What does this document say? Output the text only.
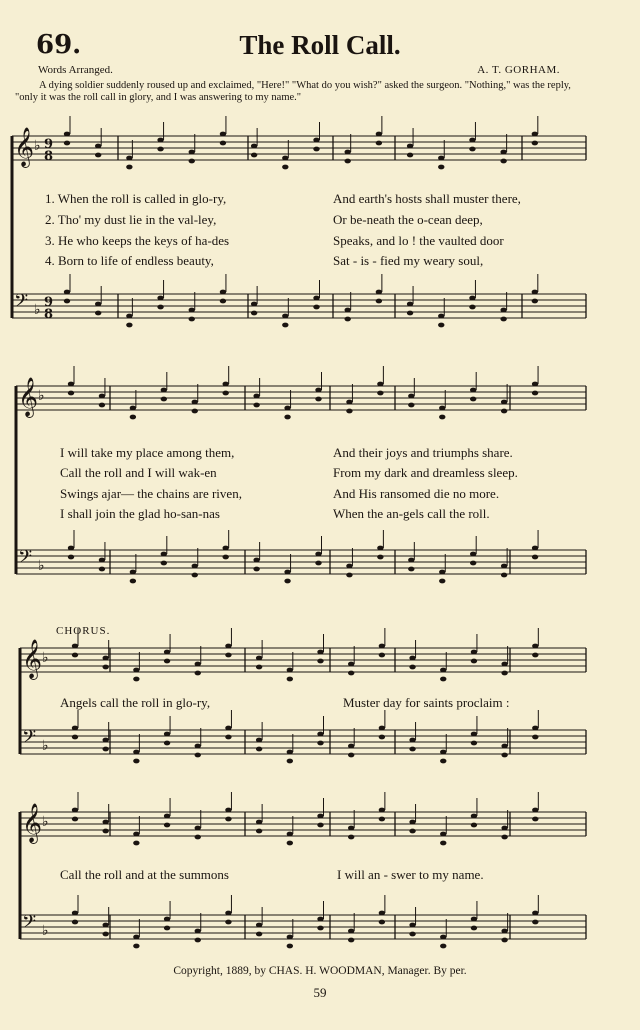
69.	The Roll Call.
Words Arranged.	A. T. GORHAM.
A dying soldier suddenly roused up and exclaimed, "Here!" "What do you wish?" asked the surgeon. "Nothing," was the reply, "only it was the roll call in glory, and I was answering to my name."
𝄞 ♭
𝄢 ♭
9
8
9
8
𝄞 ♭
𝄢 ♭
𝄞 ♭
𝄢 ♭
𝄞 ♭
𝄢 ♭
1. When the roll is called in glo-ry,	And earth's hosts shall muster there,
2. Tho' my dust lie in the val-ley,	Or be-neath the o-cean deep,
3. He who keeps the keys of ha-des	Speaks, and lo ! the vaulted door
4. Born to life of endless beauty,	Sat - is - fied my weary soul,
I will take my place among them,	And their joys and triumphs share.
Call the roll and I will wak-en	From my dark and dreamless sleep.
Swings ajar— the chains are riven,	And His ransomed die no more.
I shall join the glad ho-san-nas	When the an-gels call the roll.
CHORUS.
Angels call the roll in glo-ry,	Muster day for saints proclaim :
Call the roll and at the summons	I will an - swer to my name.
Copyright, 1889, by CHAS. H. WOODMAN, Manager. By per.
59
